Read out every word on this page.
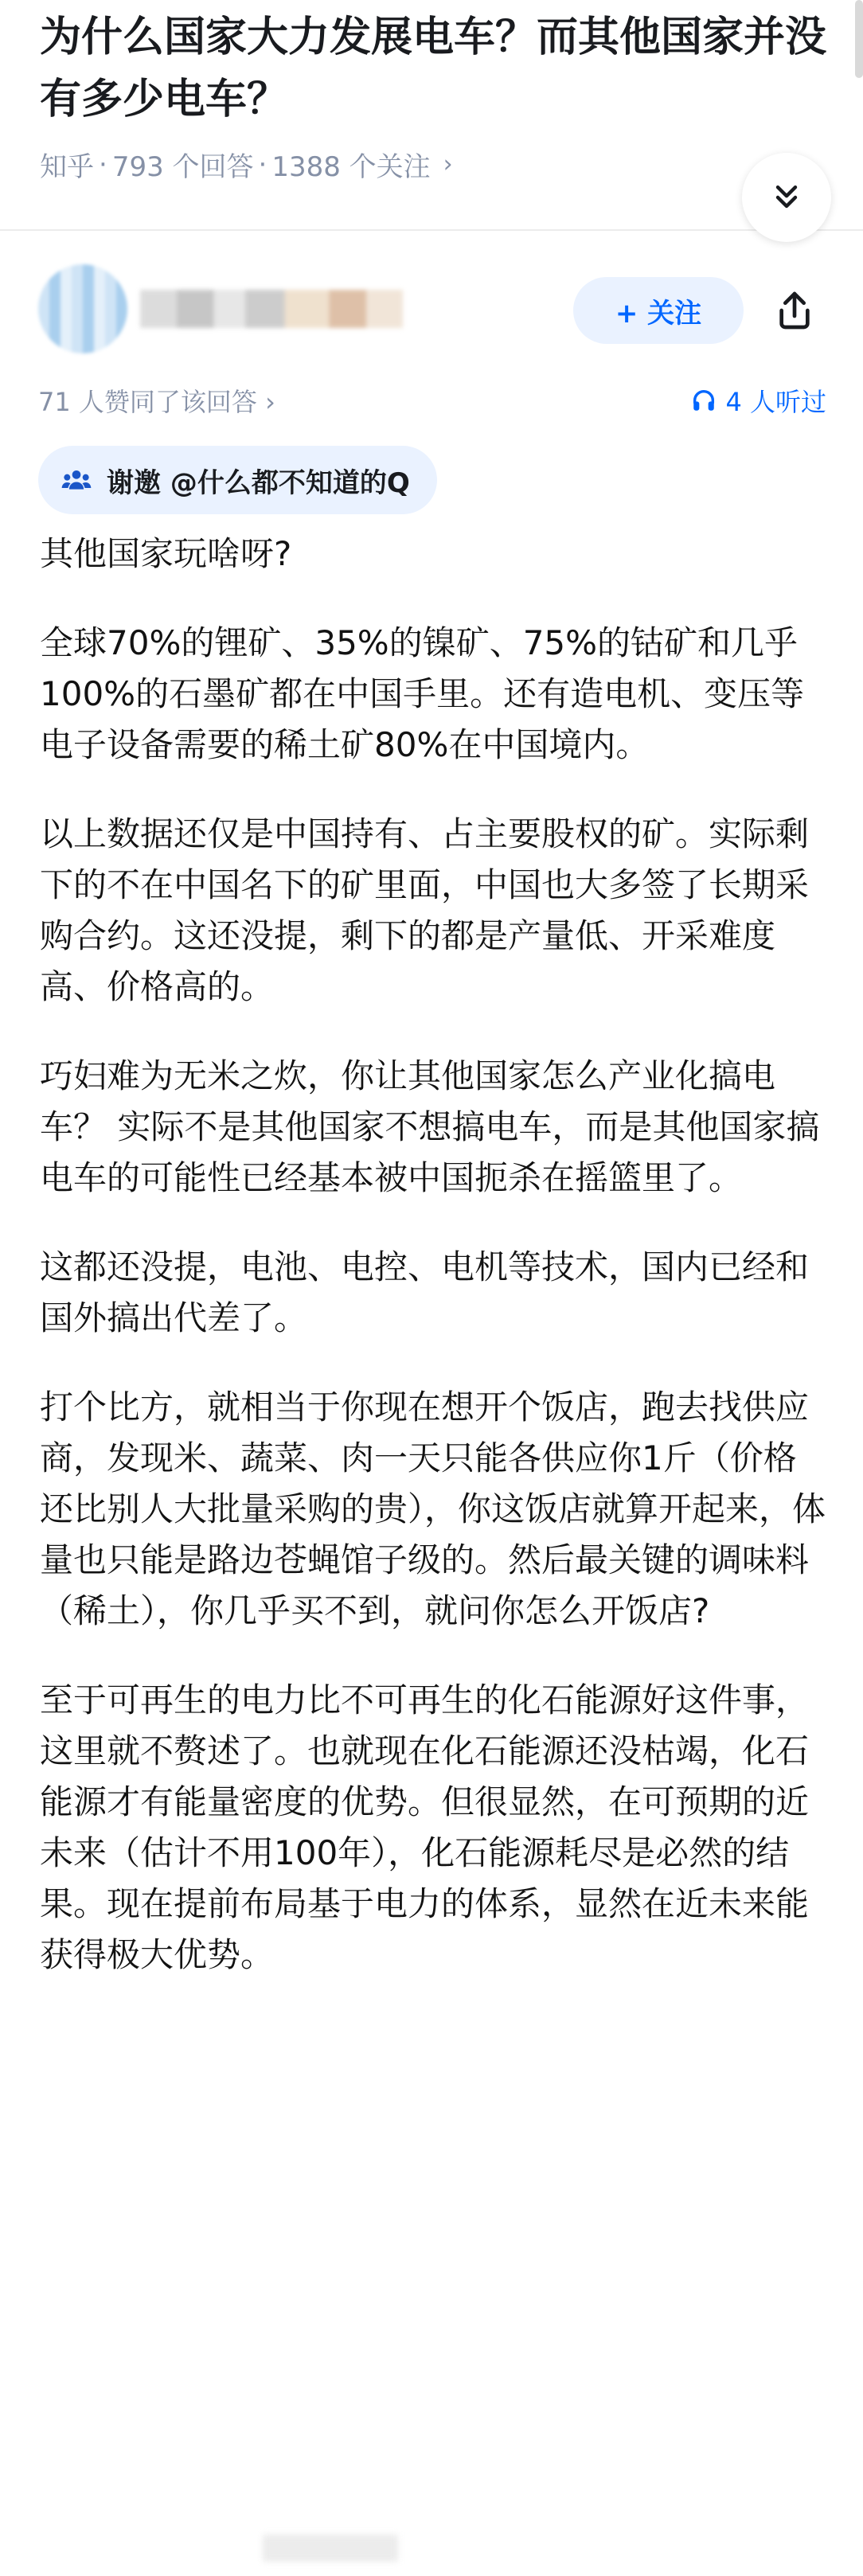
为什么国家大力发展电车？而其他国家并没有多少电车？
知乎 · 793 个回答 · 1388 个关注 ›
+ 关注
71 人赞同了该回答 ›	4 人听过
谢邀 @什么都不知道的Q

其他国家玩啥呀?

全球70%的锂矿、35%的镍矿、75%的钴矿和几乎100%的石墨矿都在中国手里。还有造电机、变压等电子设备需要的稀土矿80%在中国境内。

以上数据还仅是中国持有、占主要股权的矿。实际剩下的不在中国名下的矿里面，中国也大多签了长期采购合约。这还没提，剩下的都是产量低、开采难度高、价格高的。

巧妇难为无米之炊，你让其他国家怎么产业化搞电车？ 实际不是其他国家不想搞电车，而是其他国家搞电车的可能性已经基本被中国扼杀在摇篮里了。

这都还没提，电池、电控、电机等技术，国内已经和国外搞出代差了。

打个比方，就相当于你现在想开个饭店，跑去找供应商，发现米、蔬菜、肉一天只能各供应你1斤（价格还比别人大批量采购的贵），你这饭店就算开起来，体量也只能是路边苍蝇馆子级的。然后最关键的调味料（稀土），你几乎买不到，就问你怎么开饭店?

至于可再生的电力比不可再生的化石能源好这件事，这里就不赘述了。也就现在化石能源还没枯竭，化石能源才有能量密度的优势。但很显然，在可预期的近未来（估计不用100年），化石能源耗尽是必然的结果。现在提前布局基于电力的体系，显然在近未来能获得极大优势。
